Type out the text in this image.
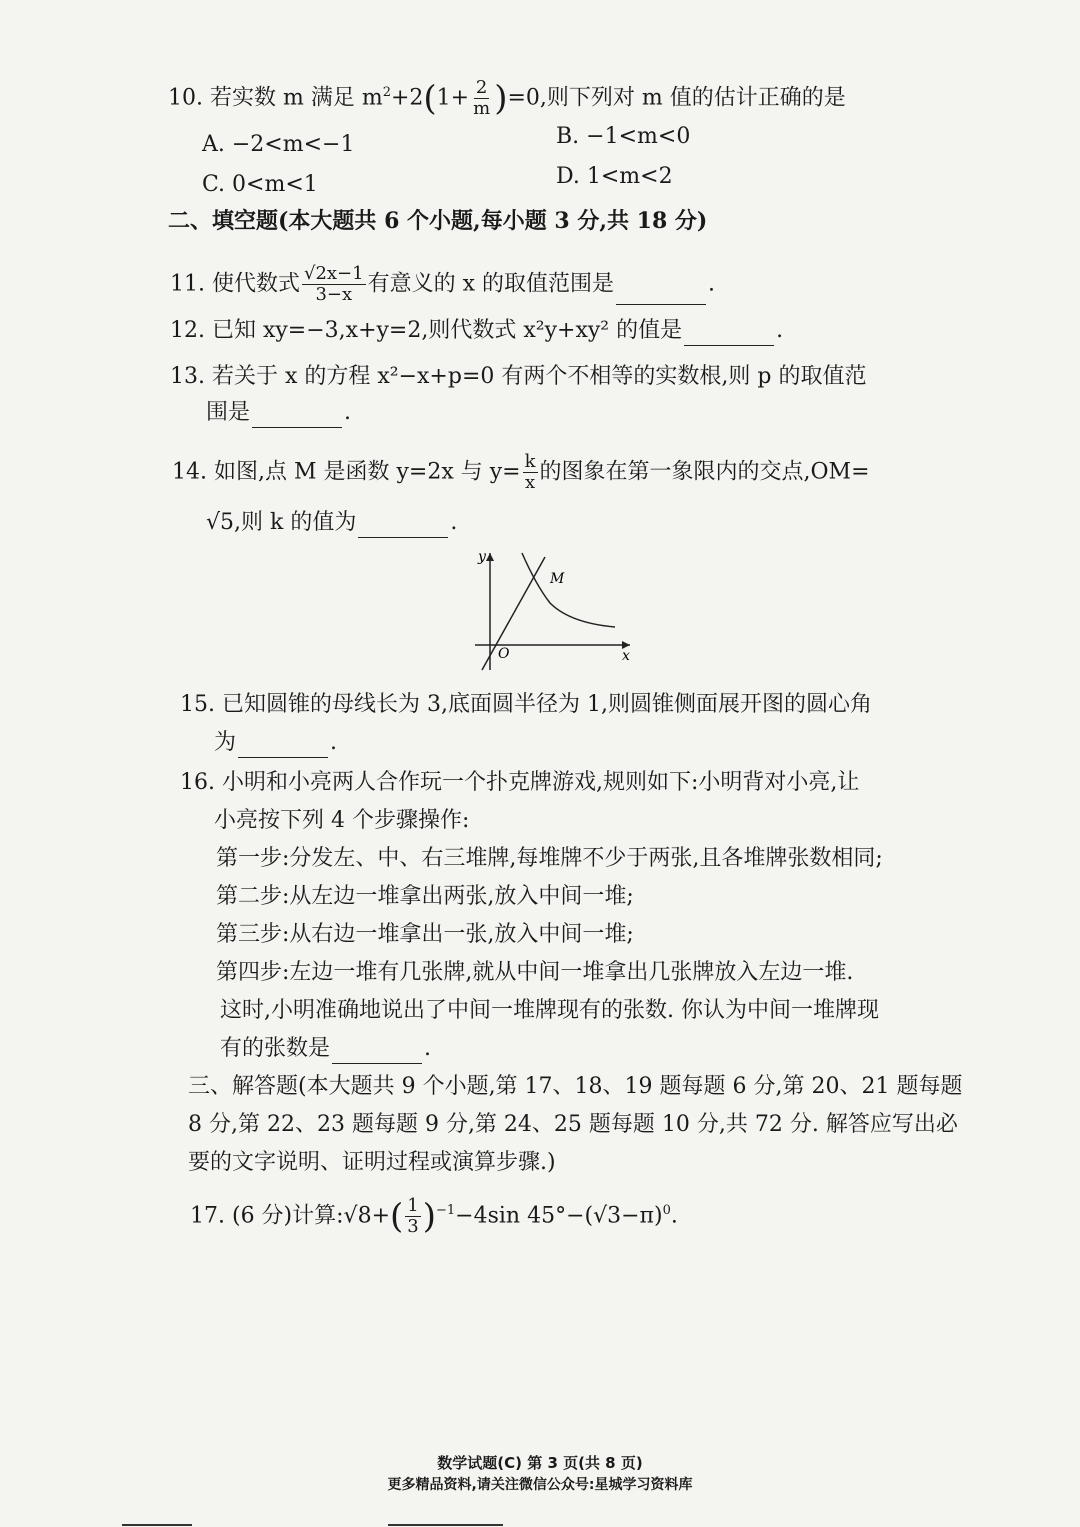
10. 若实数 m 满足 $m^2+2(1+ \frac{2}{m} )=0$,则下列对 m 值的估计正确的是
A. −2<m<−1	B. −1<m<0
C. 0<m<1	D. 1<m<2
二、填空题(本大题共 6 个小题,每小题 3 分,共 18 分)
11. 使代数式 $\frac{√2x-1}{3-x}$ 有意义的 x 的取值范围是	.
12. 已知 xy=−3,x+y=2,则代数式 x²y+xy² 的值是	.
13. 若关于 x 的方程 x²−x+p=0 有两个不相等的实数根,则 p 的取值范
围是	.
14. 如图,点 M 是函数 y=2x 与 $y= \frac{k}{x}$ 的图象在第一象限内的交点,OM=
√5,则 k 的值为	.
y
x
O
M
15. 已知圆锥的母线长为 3,底面圆半径为 1,则圆锥侧面展开图的圆心角
为	.
16. 小明和小亮两人合作玩一个扑克牌游戏,规则如下:小明背对小亮,让
小亮按下列 4 个步骤操作:
第一步:分发左、中、右三堆牌,每堆牌不少于两张,且各堆牌张数相同;
第二步:从左边一堆拿出两张,放入中间一堆;
第三步:从右边一堆拿出一张,放入中间一堆;
第四步:左边一堆有几张牌,就从中间一堆拿出几张牌放入左边一堆.
这时,小明准确地说出了中间一堆牌现有的张数. 你认为中间一堆牌现
有的张数是	.
三、解答题(本大题共 9 个小题,第 17、18、19 题每题 6 分,第 20、21 题每题
8 分,第 22、23 题每题 9 分,第 24、25 题每题 10 分,共 72 分. 解答应写出必
要的文字说明、证明过程或演算步骤.)
17. (6 分)计算:√8+( $\frac{1}{3} )^{-1}-4\sin$ $45^\circ-(√3-\pi)^0$.
数学试题(C) 第 3 页(共 8 页)
更多精品资料,请关注微信公众号:星城学习资料库
